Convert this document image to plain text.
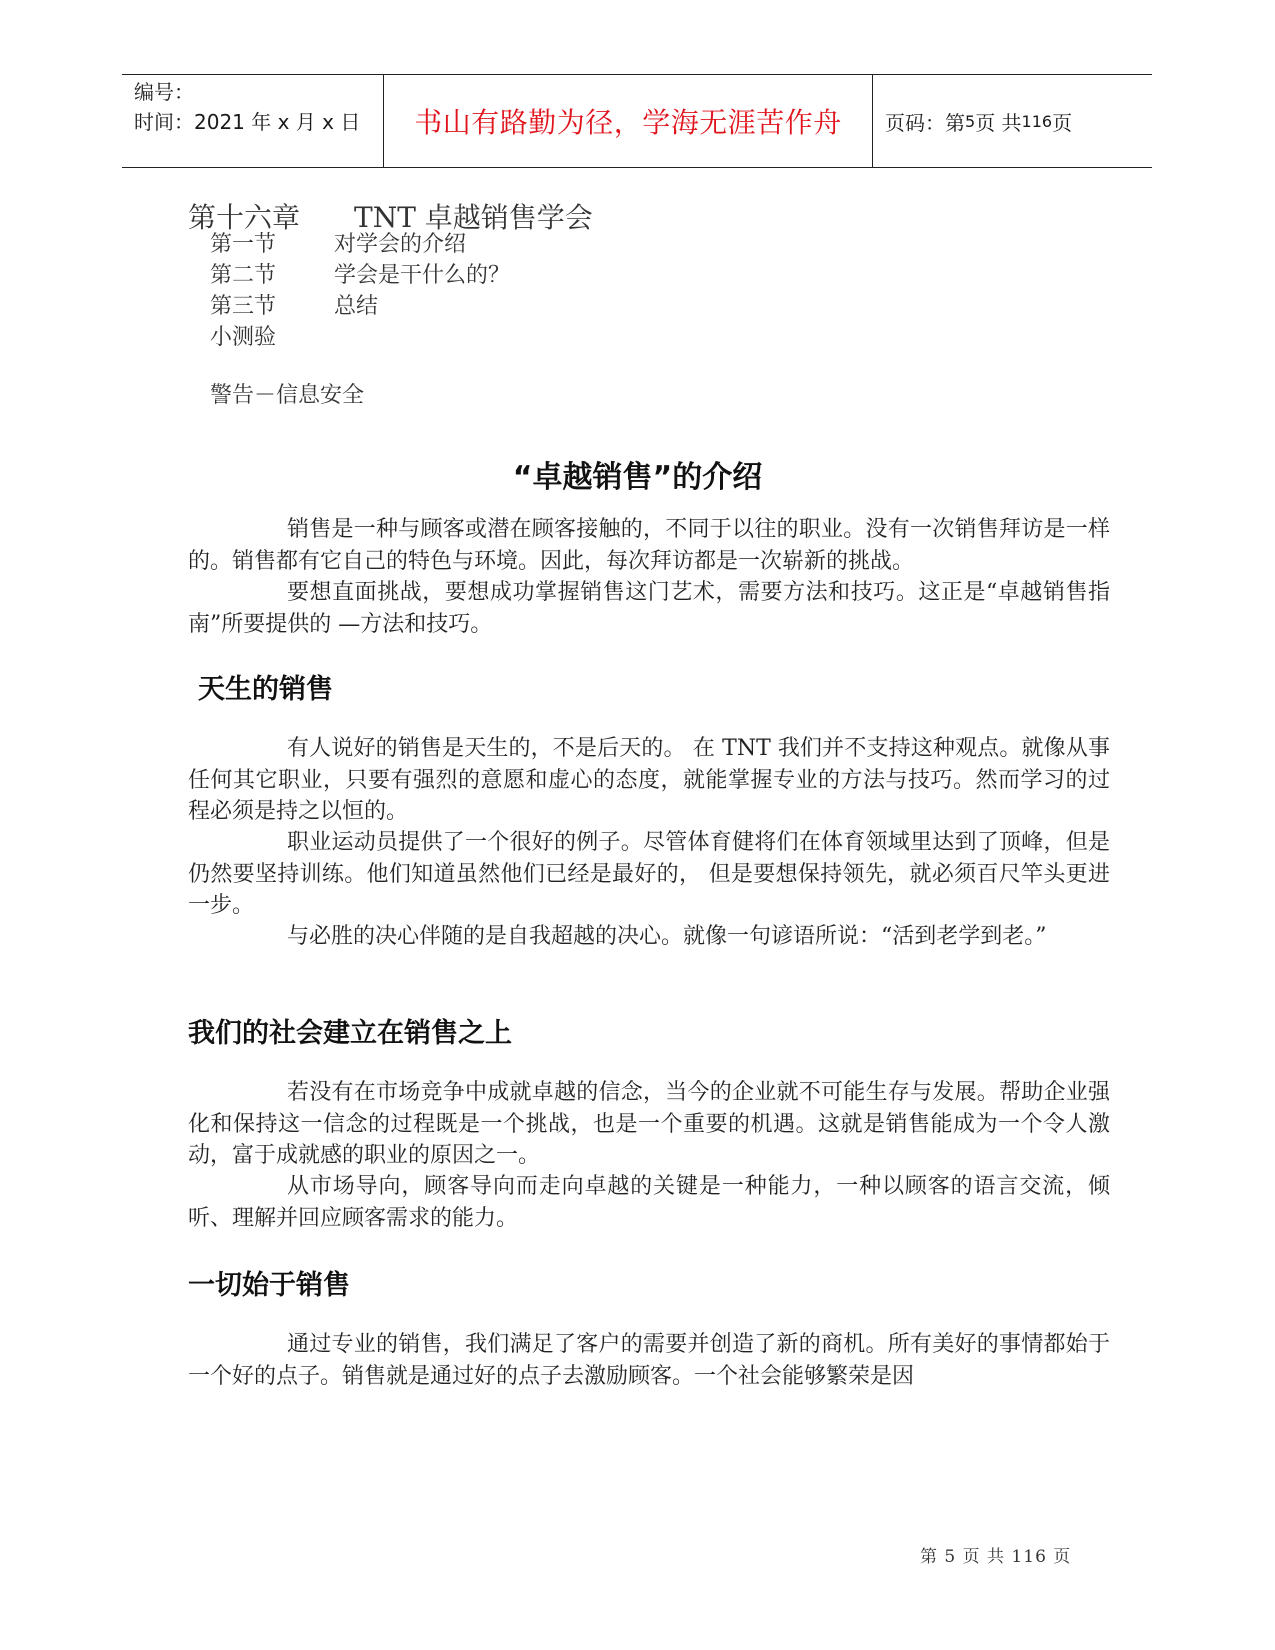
编号：
时间：2021 年 x 月 x 日	书山有路勤为径，学海无涯苦作舟	页码：第 5 页 共 116 页
第十六章 TNT 卓越销售学会
第一节	对学会的介绍
第二节	学会是干什么的？
第三节	总结
小测验
警告－信息安全
“卓越销售”的介绍

销售是一种与顾客或潜在顾客接触的，不同于以往的职业。没有一次销售拜访是一样的。销售都有它自己的特色与环境。因此，每次拜访都是一次崭新的挑战。

要想直面挑战，要想成功掌握销售这门艺术，需要方法和技巧。这正是“卓越销售指南”所要提供的 —方法和技巧。

天生的销售

有人说好的销售是天生的，不是后天的。 在 TNT 我们并不支持这种观点。就像从事任何其它职业，只要有强烈的意愿和虚心的态度，就能掌握专业的方法与技巧。然而学习的过程必须是持之以恒的。

职业运动员提供了一个很好的例子。尽管体育健将们在体育领域里达到了顶峰，但是仍然要坚持训练。他们知道虽然他们已经是最好的， 但是要想保持领先，就必须百尺竿头更进一步。

与必胜的决心伴随的是自我超越的决心。就像一句谚语所说：“活到老学到老。”

我们的社会建立在销售之上

若没有在市场竞争中成就卓越的信念，当今的企业就不可能生存与发展。帮助企业强化和保持这一信念的过程既是一个挑战，也是一个重要的机遇。这就是销售能成为一个令人激动，富于成就感的职业的原因之一。

从市场导向，顾客导向而走向卓越的关键是一种能力，一种以顾客的语言交流，倾听、理解并回应顾客需求的能力。

一切始于销售

通过专业的销售，我们满足了客户的需要并创造了新的商机。所有美好的事情都始于一个好的点子。销售就是通过好的点子去激励顾客。一个社会能够繁荣是因

第 5 页 共 116 页
